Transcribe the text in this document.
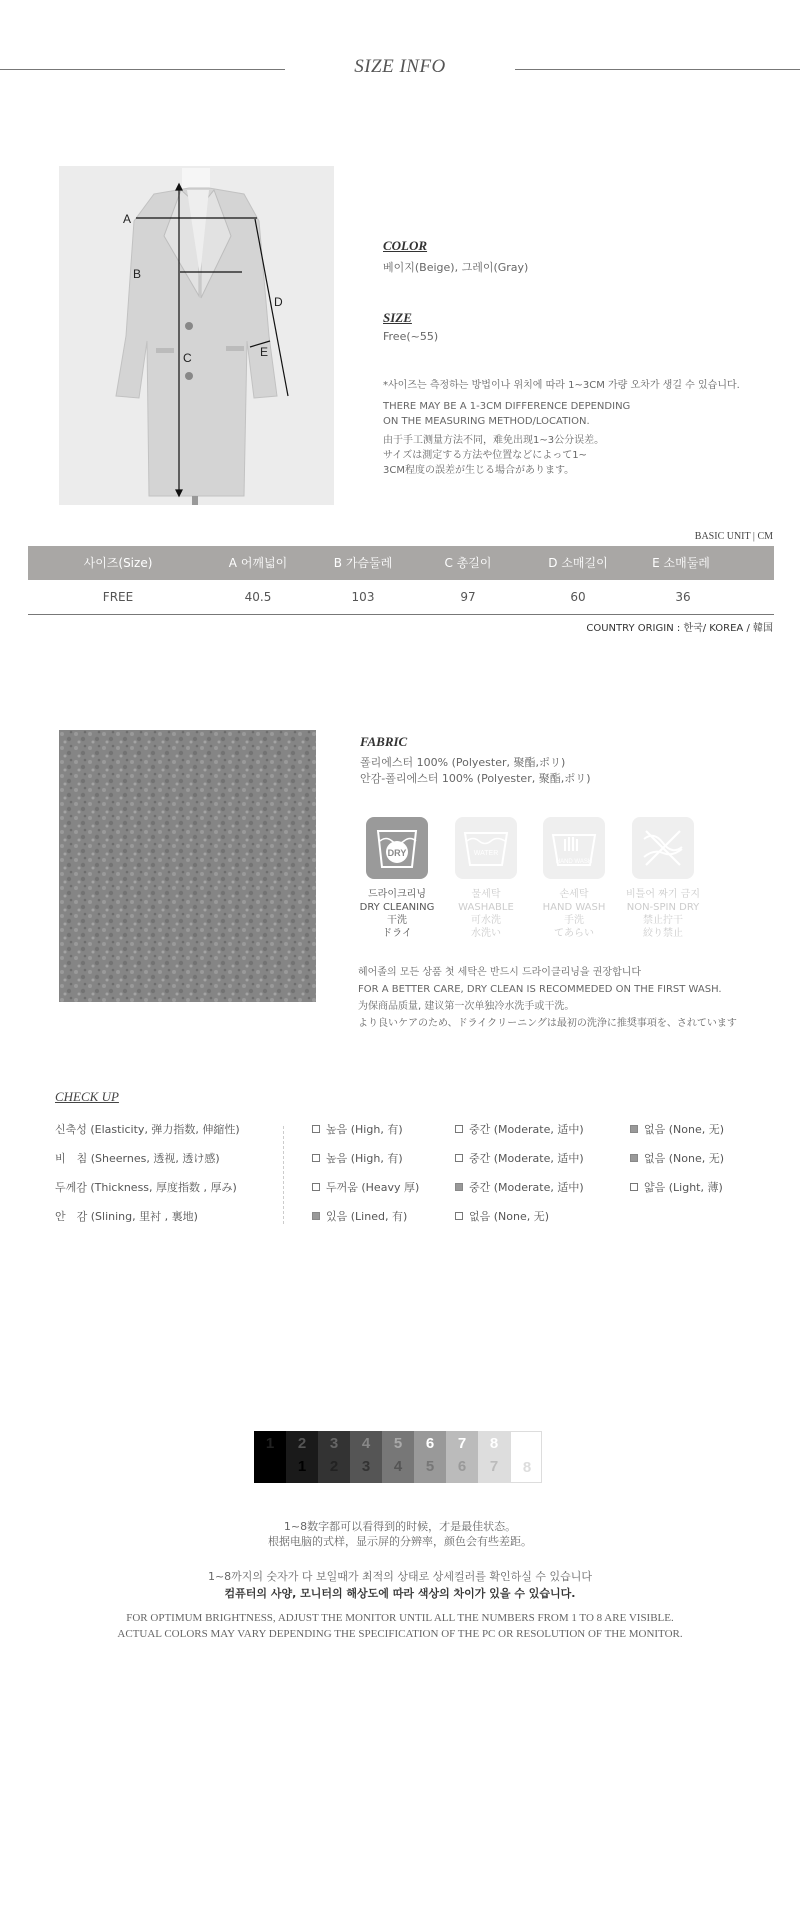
SIZE INFO
A
B
C
D
E
COLOR
베이지(Beige), 그레이(Gray)
SIZE
Free(~55)
*사이즈는 측정하는 방법이나 위치에 따라 1~3CM 가량 오차가 생길 수 있습니다.
THERE MAY BE A 1-3CM DIFFERENCE DEPENDING
ON THE MEASURING METHOD/LOCATION.
由于手工测量方法不同，难免出现1~3公分误差。
サイズは測定する方法や位置などによって1~
3CM程度の誤差が生じる場合があります。
BASIC UNIT | CM
사이즈(Size)	A 어깨넓이	B 가슴둘레	C 총길이	D 소매길이	E 소매둘레
FREE	40.5	103	97	60	36
COUNTRY ORIGIN : 한국/ KOREA / 韓国
FABRIC
폴리에스터 100% (Polyester, 聚酯,ポリ)
안감-폴리에스터 100% (Polyester, 聚酯,ポリ)
DRY	WATER
HAND WASH
드라이크리닝
DRY CLEANING
干洗
ドライ
물세탁
WASHABLE
可水洗
水洗い
손세탁
HAND WASH
手洗
てあらい
비틀어 짜기 금지
NON-SPIN DRY
禁止拧干
絞り禁止
헤어졸의 모든 상품 첫 세탁은 반드시 드라이클리닝을 권장합니다
FOR A BETTER CARE, DRY CLEAN IS RECOMMEDED ON THE FIRST WASH.
为保商品质量, 建议第一次单独冷水洗手或干洗。
より良いケアのため、ドライクリーニングは最初の洗浄に推奨事項を、されています
CHECK UP
신축성 (Elasticity, 弹力指数, 伸縮性)	높음 (High, 有)	중간 (Moderate, 适中)	없음 (None, 无)
비　침 (Sheernes, 透视, 透け感)	높음 (High, 有)	중간 (Moderate, 适中)	없음 (None, 无)
두께감 (Thickness, 厚度指数 , 厚み)	두꺼움 (Heavy 厚)	중간 (Moderate, 适中)	얇음 (Light, 薄)
안　감 (Slining, 里衬 , 裏地)	있음 (Lined, 有)	없음 (None, 无)
1	2
1
3
2
4
3
5
4
6
5
7
6
8
7	8
1~8数字都可以看得到的时候，才是最佳状态。
根据电脑的式样，显示屏的分辨率，颜色会有些差距。
1~8까지의 숫자가 다 보일때가 최적의 상태로 상세컬러를 확인하실 수 있습니다
컴퓨터의 사양, 모니터의 해상도에 따라 색상의 차이가 있을 수 있습니다.
FOR OPTIMUM BRIGHTNESS, ADJUST THE MONITOR UNTIL ALL THE NUMBERS FROM 1 TO 8 ARE VISIBLE.
ACTUAL COLORS MAY VARY DEPENDING THE SPECIFICATION OF THE PC OR RESOLUTION OF THE MONITOR.
